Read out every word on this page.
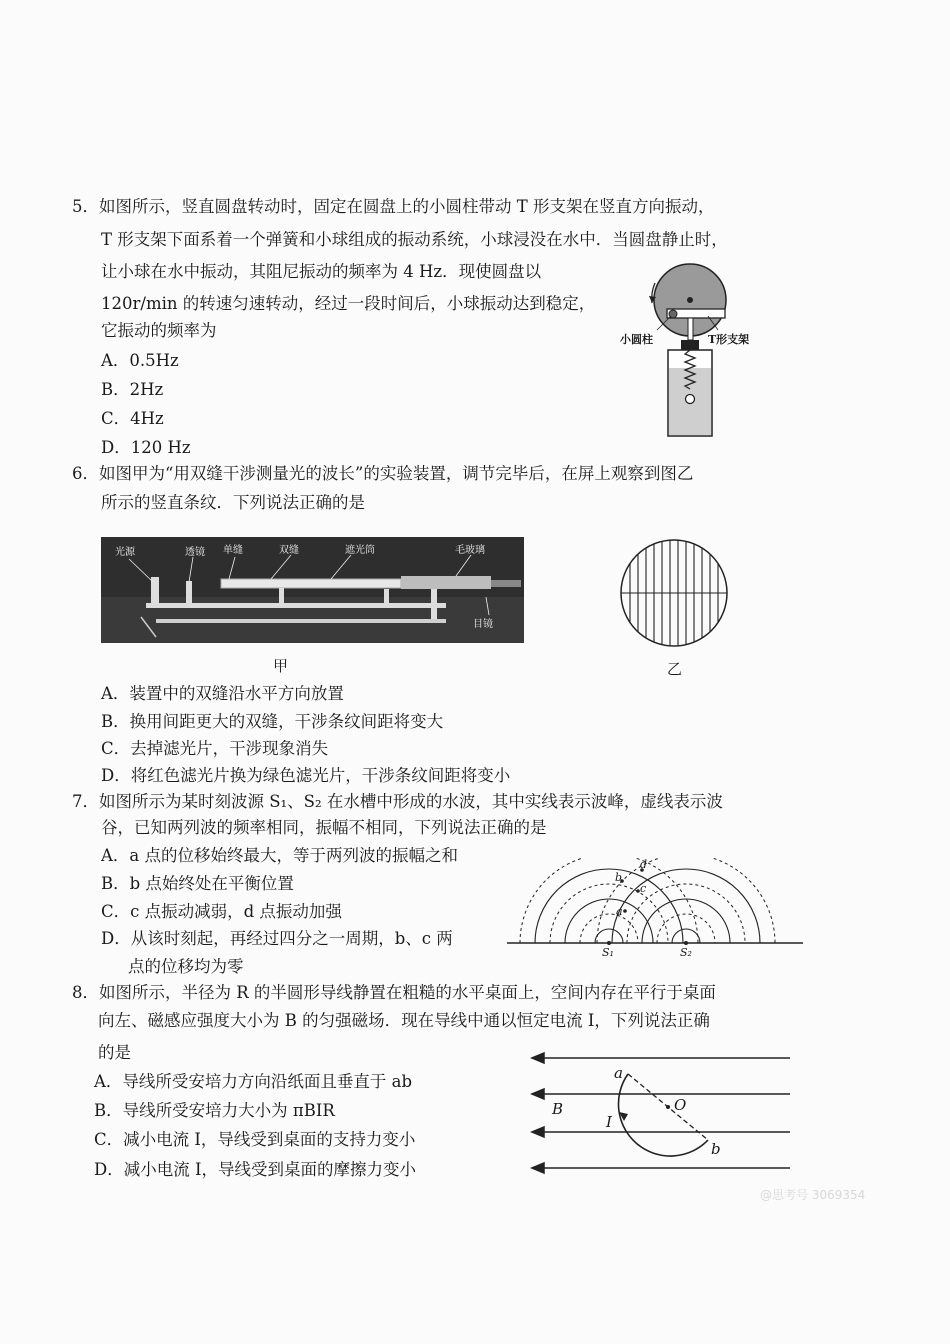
5．如图所示，竖直圆盘转动时，固定在圆盘上的小圆柱带动 T 形支架在竖直方向振动，
T 形支架下面系着一个弹簧和小球组成的振动系统，小球浸没在水中．当圆盘静止时，
让小球在水中振动，其阻尼振动的频率为 4 Hz．现使圆盘以
120r/min 的转速匀速转动，经过一段时间后，小球振动达到稳定，
它振动的频率为
A．0.5Hz
B．2Hz
C．4Hz
D．120 Hz
小圆柱	T形支架
6．如图甲为“用双缝干涉测量光的波长”的实验装置，调节完毕后，在屏上观察到图乙
所示的竖直条纹．下列说法正确的是
光源	透镜 单缝	双缝	遮光筒	毛玻璃
目镜
甲	乙
A．装置中的双缝沿水平方向放置
B．换用间距更大的双缝，干涉条纹间距将变大
C．去掉滤光片，干涉现象消失
D．将红色滤光片换为绿色滤光片，干涉条纹间距将变小
7．如图所示为某时刻波源 S₁、S₂ 在水槽中形成的水波，其中实线表示波峰，虚线表示波
谷，已知两列波的频率相同，振幅不相同，下列说法正确的是
A．a 点的位移始终最大，等于两列波的振幅之和
B．b 点始终处在平衡位置
C．c 点振动减弱，d 点振动加强
D．从该时刻起，再经过四分之一周期，b、c 两
点的位移均为零
a
b
c
d
S₁	S₂
8．如图所示，半径为 R 的半圆形导线静置在粗糙的水平桌面上，空间内存在平行于桌面
向左、磁感应强度大小为 B 的匀强磁场．现在导线中通以恒定电流 I，下列说法正确
的是
A．导线所受安培力方向沿纸面且垂直于 ab
B．导线所受安培力大小为 πBIR
C．减小电流 I，导线受到桌面的支持力变小
D．减小电流 I，导线受到桌面的摩擦力变小
a
b
O
B
I
@思考号 3069354
